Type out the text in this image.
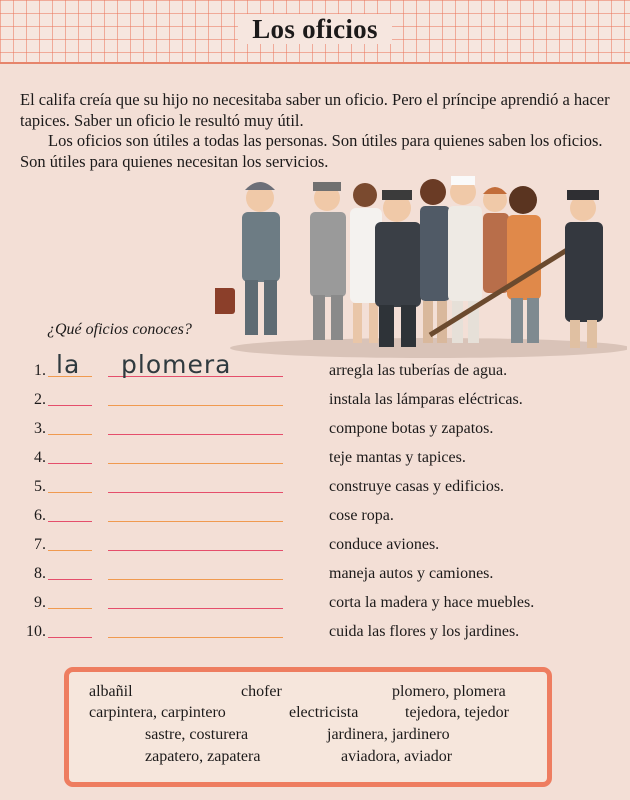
Los oficios
El califa creía que su hijo no necesitaba saber un oficio. Pero el príncipe aprendió a hacer tapices. Saber un oficio le resultó muy útil.
Los oficios son útiles a todas las personas. Son útiles para quienes saben los oficios. Son útiles para quienes necesitan los servicios.
¿Qué oficios conoces?
1. la plomera	arregla las tuberías de agua.
2.	instala las lámparas eléctricas.
3.	compone botas y zapatos.
4.	teje mantas y tapices.
5.	construye casas y edificios.
6.	cose ropa.
7.	conduce aviones.
8.	maneja autos y camiones.
9.	corta la madera y hace muebles.
10.	cuida las flores y los jardines.
albañil	chofer	plomero, plomera
carpintera, carpintero	electricista	tejedora, tejedor
sastre, costurera	jardinera, jardinero
zapatero, zapatera	aviadora, aviador
